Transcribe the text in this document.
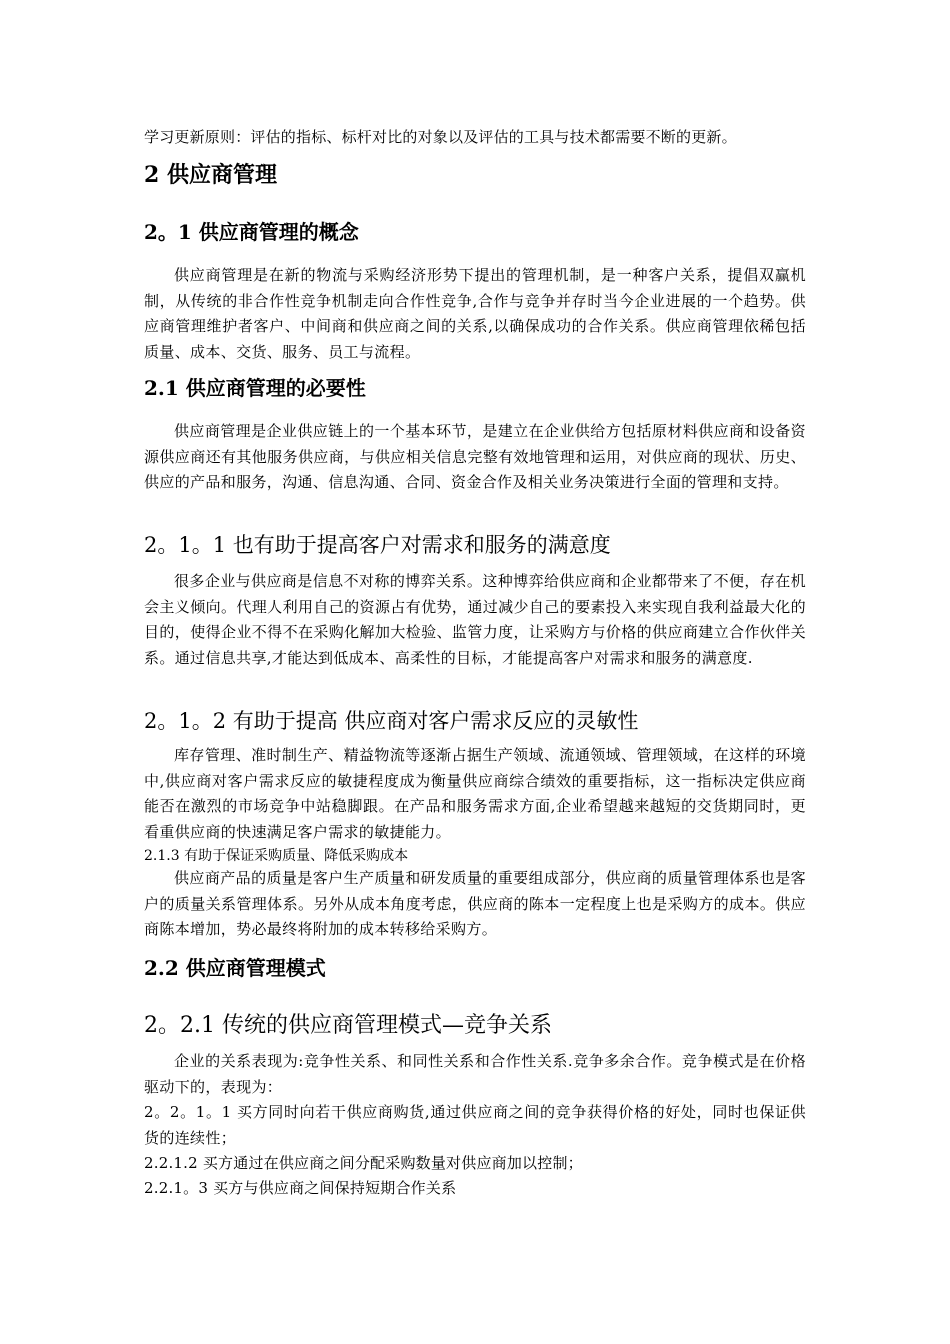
学习更新原则：评估的指标、标杆对比的对象以及评估的工具与技术都需要不断的更新。
2 供应商管理
2。1 供应商管理的概念
供应商管理是在新的物流与采购经济形势下提出的管理机制，是一种客户关系，提倡双赢机制，从传统的非合作性竞争机制走向合作性竞争,合作与竞争并存时当今企业进展的一个趋势。供应商管理维护者客户、中间商和供应商之间的关系,以确保成功的合作关系。供应商管理依稀包括质量、成本、交货、服务、员工与流程。
2.1 供应商管理的必要性
供应商管理是企业供应链上的一个基本环节，是建立在企业供给方包括原材料供应商和设备资源供应商还有其他服务供应商，与供应相关信息完整有效地管理和运用，对供应商的现状、历史、供应的产品和服务，沟通、信息沟通、合同、资金合作及相关业务决策进行全面的管理和支持。
2。1。1 也有助于提高客户对需求和服务的满意度
很多企业与供应商是信息不对称的博弈关系。这种博弈给供应商和企业都带来了不便，存在机会主义倾向。代理人利用自己的资源占有优势，通过减少自己的要素投入来实现自我利益最大化的目的，使得企业不得不在采购化解加大检验、监管力度，让采购方与价格的供应商建立合作伙伴关系。通过信息共享,才能达到低成本、高柔性的目标，才能提高客户对需求和服务的满意度.
2。1。2 有助于提高 供应商对客户需求反应的灵敏性
库存管理、准时制生产、精益物流等逐渐占据生产领域、流通领域、管理领域，在这样的环境中,供应商对客户需求反应的敏捷程度成为衡量供应商综合绩效的重要指标，这一指标决定供应商能否在激烈的市场竞争中站稳脚跟。在产品和服务需求方面,企业希望越来越短的交货期同时，更看重供应商的快速满足客户需求的敏捷能力。
2.1.3 有助于保证采购质量、降低采购成本
供应商产品的质量是客户生产质量和研发质量的重要组成部分，供应商的质量管理体系也是客户的质量关系管理体系。另外从成本角度考虑，供应商的陈本一定程度上也是采购方的成本。供应商陈本增加，势必最终将附加的成本转移给采购方。
2.2 供应商管理模式
2。2.1 传统的供应商管理模式—竞争关系
企业的关系表现为:竞争性关系、和同性关系和合作性关系.竞争多余合作。竞争模式是在价格驱动下的，表现为：
2。2。1。1 买方同时向若干供应商购货,通过供应商之间的竞争获得价格的好处，同时也保证供货的连续性；
2.2.1.2 买方通过在供应商之间分配采购数量对供应商加以控制；
2.2.1。3 买方与供应商之间保持短期合作关系
